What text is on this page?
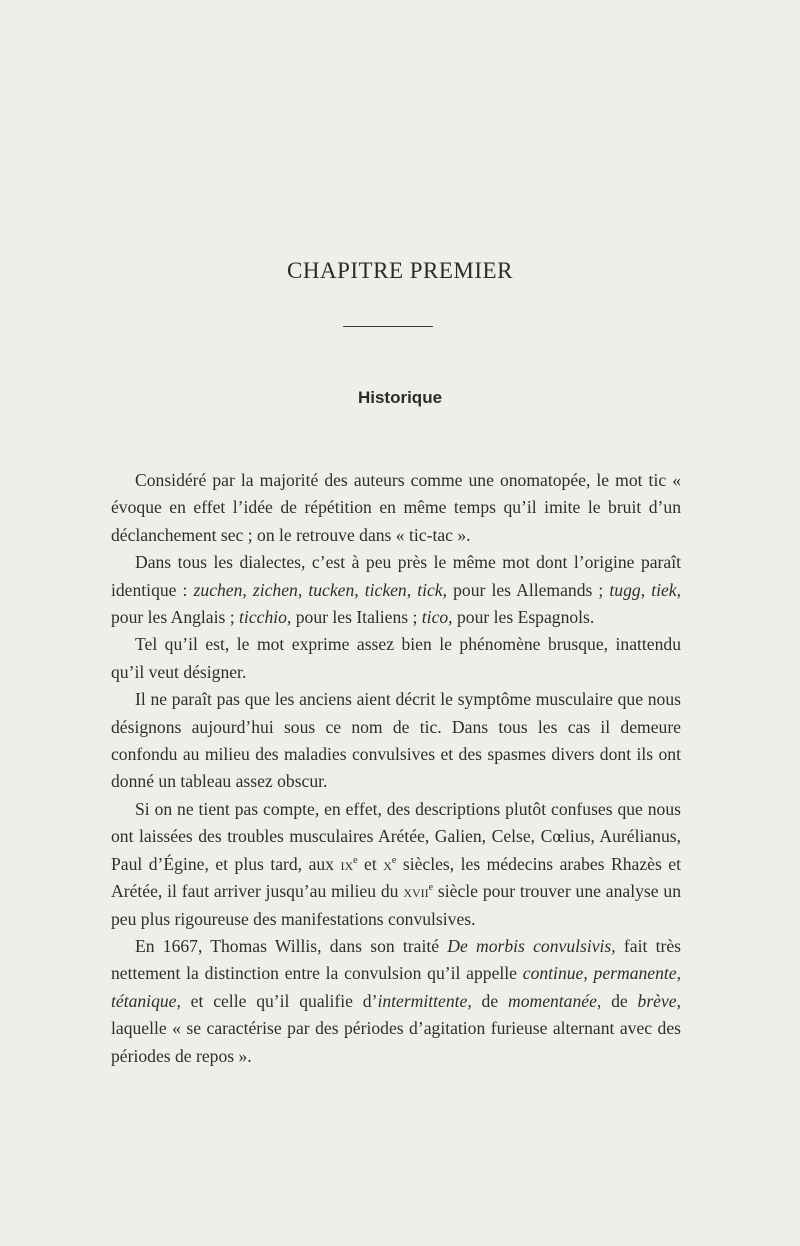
CHAPITRE PREMIER
Historique

Considéré par la majorité des auteurs comme une onomatopée, le mot tic « évoque en effet l’idée de répétition en même temps qu’il imite le bruit d’un déclanchement sec ; on le retrouve dans « tic-tac ».

Dans tous les dialectes, c’est à peu près le même mot dont l’origine paraît identique : zuchen, zichen, tucken, ticken, tick, pour les Allemands ; tugg, tiek, pour les Anglais ; ticchio, pour les Italiens ; tico, pour les Espagnols.

Tel qu’il est, le mot exprime assez bien le phénomène brusque, inattendu qu’il veut désigner.

Il ne paraît pas que les anciens aient décrit le symptôme musculaire que nous désignons aujourd’hui sous ce nom de tic. Dans tous les cas il demeure confondu au milieu des maladies convulsives et des spasmes divers dont ils ont donné un tableau assez obscur.

Si on ne tient pas compte, en effet, des descriptions plutôt confuses que nous ont laissées des troubles musculaires Arétée, Galien, Celse, Cœlius, Aurélianus, Paul d’Égine, et plus tard, aux $ix^e$ et $x^e$ siècles, les médecins arabes Rhazès et Arétée, il faut arriver jusqu’au milieu du xvii$^e$ siècle pour trouver une analyse un peu plus rigoureuse des manifestations convulsives.

En 1667, Thomas Willis, dans son traité De morbis convulsivis, fait très nettement la distinction entre la convulsion qu’il appelle continue, permanente, tétanique, et celle qu’il qualifie d’intermittente, de momentanée, de brève, laquelle « se caractérise par des périodes d’agitation furieuse alternant avec des périodes de repos ».
